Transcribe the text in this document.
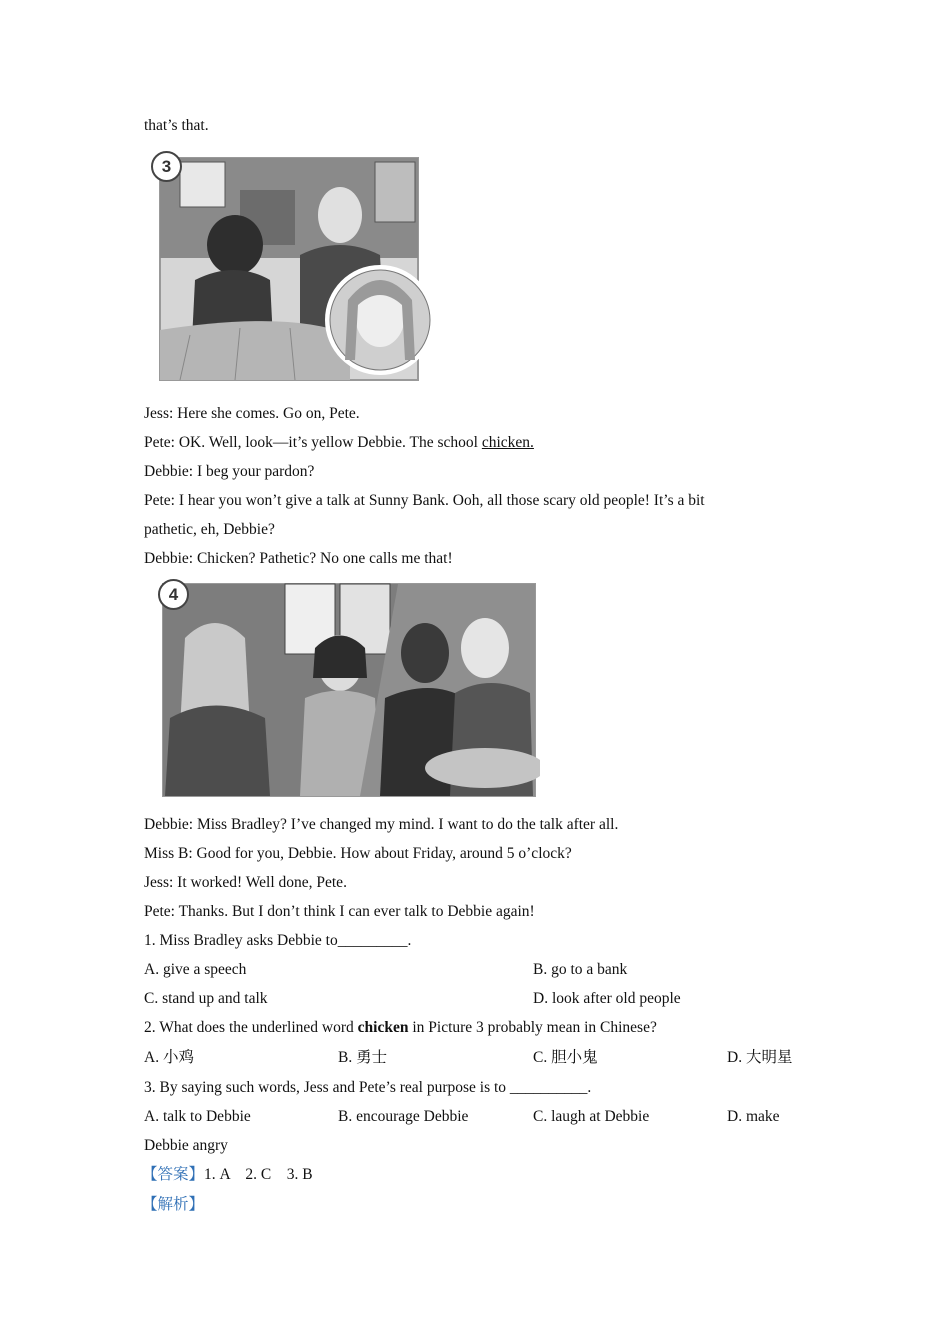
that’s that.
3
Jess: Here she comes. Go on, Pete.
Pete: OK. Well, look—it’s yellow Debbie. The school chicken.
Debbie: I beg your pardon?
Pete: I hear you won’t give a talk at Sunny Bank. Ooh, all those scary old people! It’s a bit
pathetic, eh, Debbie?
Debbie: Chicken? Pathetic? No one calls me that!
4
Debbie: Miss Bradley? I’ve changed my mind. I want to do the talk after all.
Miss B: Good for you, Debbie. How about Friday, around 5 o’clock?
Jess: It worked! Well done, Pete.
Pete: Thanks. But I don’t think I can ever talk to Debbie again!
1. Miss Bradley asks Debbie to_________.
A. give a speech	B. go to a bank
C. stand up and talk	D. look after old people
2. What does the underlined word chicken in Picture 3 probably mean in Chinese?
A. 小鸡	B. 勇士	C. 胆小鬼	D. 大明星
3. By saying such words, Jess and Pete’s real purpose is to __________.
A. talk to Debbie	B. encourage Debbie	C. laugh at Debbie	D. make
Debbie angry
【答案】1. A    2. C    3. B
【解析】
